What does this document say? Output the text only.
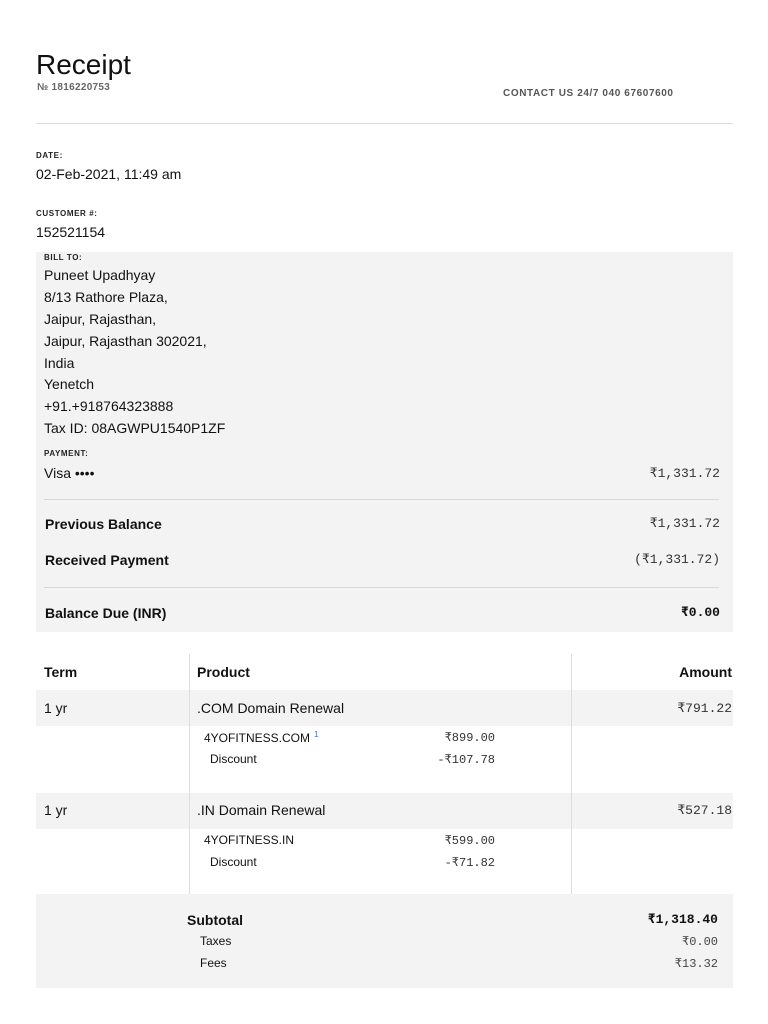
Receipt
№ 1816220753
CONTACT US 24/7 040 67607600
DATE:
02-Feb-2021, 11:49 am
CUSTOMER #:
152521154
BILL TO:
Puneet Upadhyay
8/13 Rathore Plaza,
Jaipur, Rajasthan,
Jaipur, Rajasthan 302021,
India
Yenetch
+91.+918764323888
Tax ID: 08AGWPU1540P1ZF
PAYMENT:
Visa ••••	₹1,331.72
Previous Balance	₹1,331.72
Received Payment	(₹1,331.72)
Balance Due (INR)	₹0.00
Term	Product	Amount
1 yr	.COM Domain Renewal	₹791.22
4YOFITNESS.COM $^1$	₹899.00
Discount	-₹107.78
1 yr	.IN Domain Renewal	₹527.18
4YOFITNESS.IN	₹599.00
Discount	-₹71.82
Subtotal	₹1,318.40
Taxes	₹0.00
Fees	₹13.32
